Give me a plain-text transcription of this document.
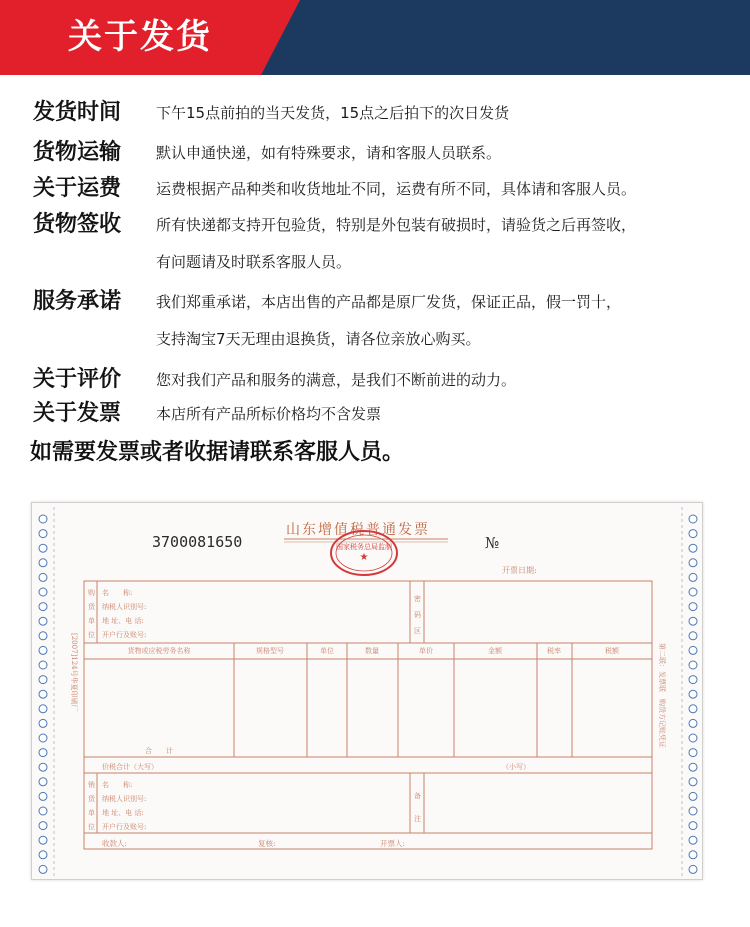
关于发货
发货时间	下午15点前拍的当天发货，15点之后拍下的次日发货
货物运输	默认申通快递，如有特殊要求，请和客服人员联系。
关于运费	运费根据产品种类和收货地址不同，运费有所不同，具体请和客服人员。
货物签收	所有快递都支持开包验货，特别是外包装有破损时，请验货之后再签收，
有问题请及时联系客服人员。
服务承诺	我们郑重承诺，本店出售的产品都是原厂发货，保证正品，假一罚十，
支持淘宝7天无理由退换货，请各位亲放心购买。
关于评价	您对我们产品和服务的满意，是我们不断前进的动力。
关于发票	本店所有产品所标价格均不含发票
如需要发票或者收据请联系客服人员。
3700081650
山东增值税普通发票
国家税务总局监制
★
№
开票日期:
购
货
单
位
名　　称:
纳税人识别号:
地 址、电 话:
开户行及账号:
密
码
区
货物或应税劳务名称	规格型号	单位	数量	单价	金额	税率	税额
合　　计
价税合计（大写）	（小写）
销
货
单
位
名　　称:
纳税人识别号:
地 址、电 话:
开户行及账号:
备
注
收款人:	复核:	开票人:
[2007]124号华夏印刷厂	第二联：发票联　购货方记账凭证
